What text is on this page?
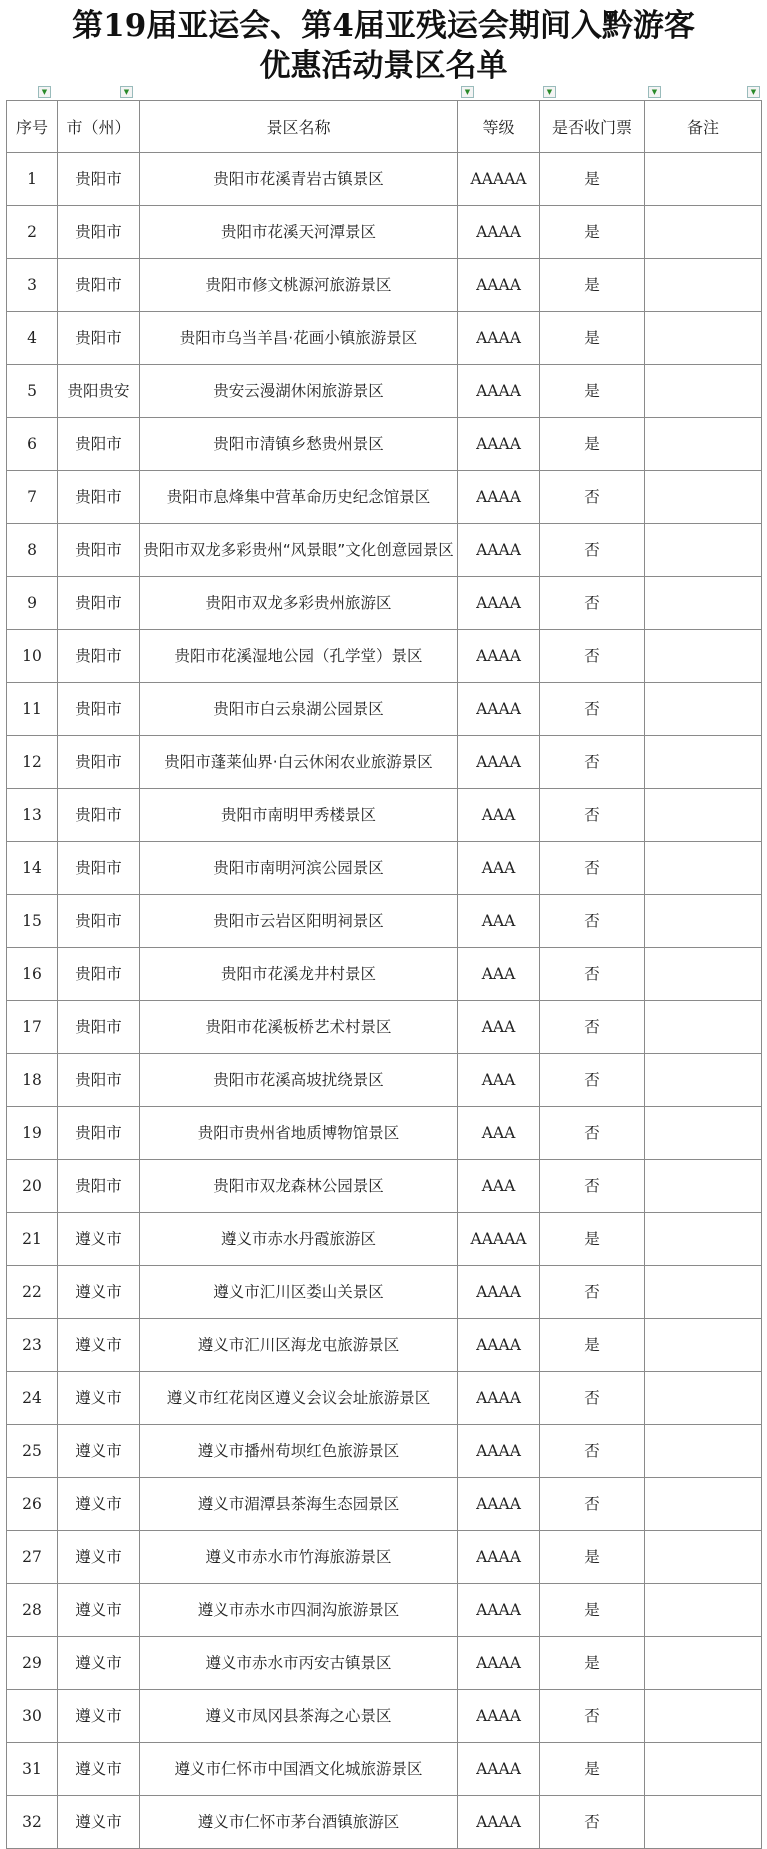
第19届亚运会、第4届亚残运会期间入黔游客
优惠活动景区名单
▼	▼	▼	▼	▼	▼
序号	市（州）	景区名称	等级	是否收门票	备注
1	贵阳市	贵阳市花溪青岩古镇景区	AAAAA	是	
2	贵阳市	贵阳市花溪天河潭景区	AAAA	是	
3	贵阳市	贵阳市修文桃源河旅游景区	AAAA	是	
4	贵阳市	贵阳市乌当羊昌·花画小镇旅游景区	AAAA	是	
5	贵阳贵安	贵安云漫湖休闲旅游景区	AAAA	是	
6	贵阳市	贵阳市清镇乡愁贵州景区	AAAA	是	
7	贵阳市	贵阳市息烽集中营革命历史纪念馆景区	AAAA	否	
8	贵阳市	贵阳市双龙多彩贵州“风景眼”文化创意园景区	AAAA	否	
9	贵阳市	贵阳市双龙多彩贵州旅游区	AAAA	否	
10	贵阳市	贵阳市花溪湿地公园（孔学堂）景区	AAAA	否	
11	贵阳市	贵阳市白云泉湖公园景区	AAAA	否	
12	贵阳市	贵阳市蓬莱仙界·白云休闲农业旅游景区	AAAA	否	
13	贵阳市	贵阳市南明甲秀楼景区	AAA	否	
14	贵阳市	贵阳市南明河滨公园景区	AAA	否	
15	贵阳市	贵阳市云岩区阳明祠景区	AAA	否	
16	贵阳市	贵阳市花溪龙井村景区	AAA	否	
17	贵阳市	贵阳市花溪板桥艺术村景区	AAA	否	
18	贵阳市	贵阳市花溪高坡扰绕景区	AAA	否	
19	贵阳市	贵阳市贵州省地质博物馆景区	AAA	否	
20	贵阳市	贵阳市双龙森林公园景区	AAA	否	
21	遵义市	遵义市赤水丹霞旅游区	AAAAA	是	
22	遵义市	遵义市汇川区娄山关景区	AAAA	否	
23	遵义市	遵义市汇川区海龙屯旅游景区	AAAA	是	
24	遵义市	遵义市红花岗区遵义会议会址旅游景区	AAAA	否	
25	遵义市	遵义市播州苟坝红色旅游景区	AAAA	否	
26	遵义市	遵义市湄潭县茶海生态园景区	AAAA	否	
27	遵义市	遵义市赤水市竹海旅游景区	AAAA	是	
28	遵义市	遵义市赤水市四洞沟旅游景区	AAAA	是	
29	遵义市	遵义市赤水市丙安古镇景区	AAAA	是	
30	遵义市	遵义市凤冈县茶海之心景区	AAAA	否	
31	遵义市	遵义市仁怀市中国酒文化城旅游景区	AAAA	是	
32	遵义市	遵义市仁怀市茅台酒镇旅游区	AAAA	否	
